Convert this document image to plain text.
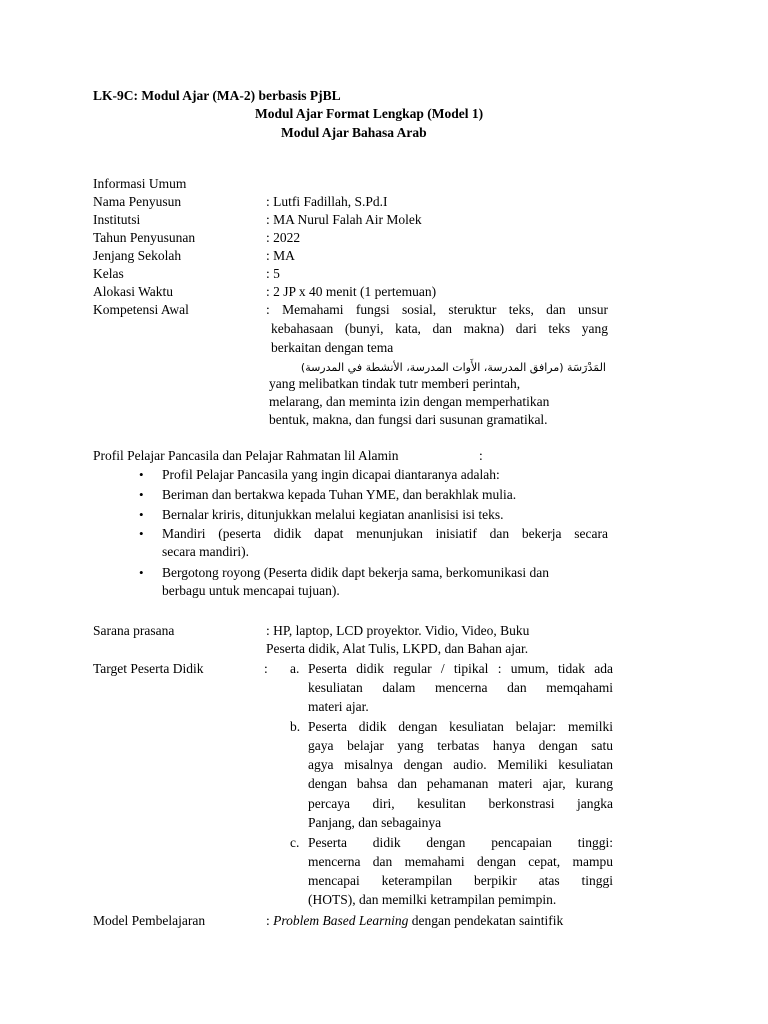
LK-9C: Modul Ajar (MA-2) berbasis PjBL
Modul Ajar Format Lengkap (Model 1)
Modul Ajar Bahasa Arab
Informasi Umum
Nama Penyusun	: Lutfi Fadillah, S.Pd.I
Institutsi	: MA Nurul Falah Air Molek
Tahun Penyusunan	: 2022
Jenjang Sekolah	: MA
Kelas	: 5
Alokasi Waktu	: 2 JP x 40 menit (1 pertemuan)
Kompetensi Awal	: Memahami fungsi sosial, steruktur teks, dan unsur
kebahasaan (bunyi, kata, dan makna) dari teks yang
berkaitan dengan tema
المَدْرَسَة (مرافق المدرسة، الأَوات المدرسة، الأنشطة في المدرسة)
yang melibatkan tindak tutr memberi perintah,
melarang, dan meminta izin dengan memperhatikan
bentuk, makna, dan fungsi dari susunan gramatikal.
Profil Pelajar Pancasila dan Pelajar Rahmatan lil Alamin	:
• Profil Pelajar Pancasila yang ingin dicapai diantaranya adalah:
• Beriman dan bertakwa kepada Tuhan YME, dan berakhlak mulia.
• Bernalar kriris, ditunjukkan melalui kegiatan ananlisisi isi teks.
• Mandiri (peserta didik dapat menunjukan inisiatif dan bekerja secara
secara mandiri).
• Bergotong royong (Peserta didik dapt bekerja sama, berkomunikasi dan
berbagu untuk mencapai tujuan).
Sarana prasana	: HP, laptop, LCD proyektor. Vidio, Video, Buku
Peserta didik, Alat Tulis, LKPD, dan Bahan ajar.
Target Peserta Didik	: a. Peserta didik regular / tipikal : umum, tidak ada
kesuliatan dalam mencerna dan memqahami
materi ajar.
b. Peserta didik dengan kesuliatan belajar: memilki
gaya belajar yang terbatas hanya dengan satu
agya misalnya dengan audio. Memiliki kesuliatan
dengan bahsa dan pehamanan materi ajar, kurang
percaya diri, kesulitan berkonstrasi jangka
Panjang, dan sebagainya
c. Peserta didik dengan pencapaian tinggi:
mencerna dan memahami dengan cepat, mampu
mencapai keterampilan berpikir atas tinggi
(HOTS), dan memilki ketrampilan pemimpin.
Model Pembelajaran	: Problem Based Learning dengan pendekatan saintifik
